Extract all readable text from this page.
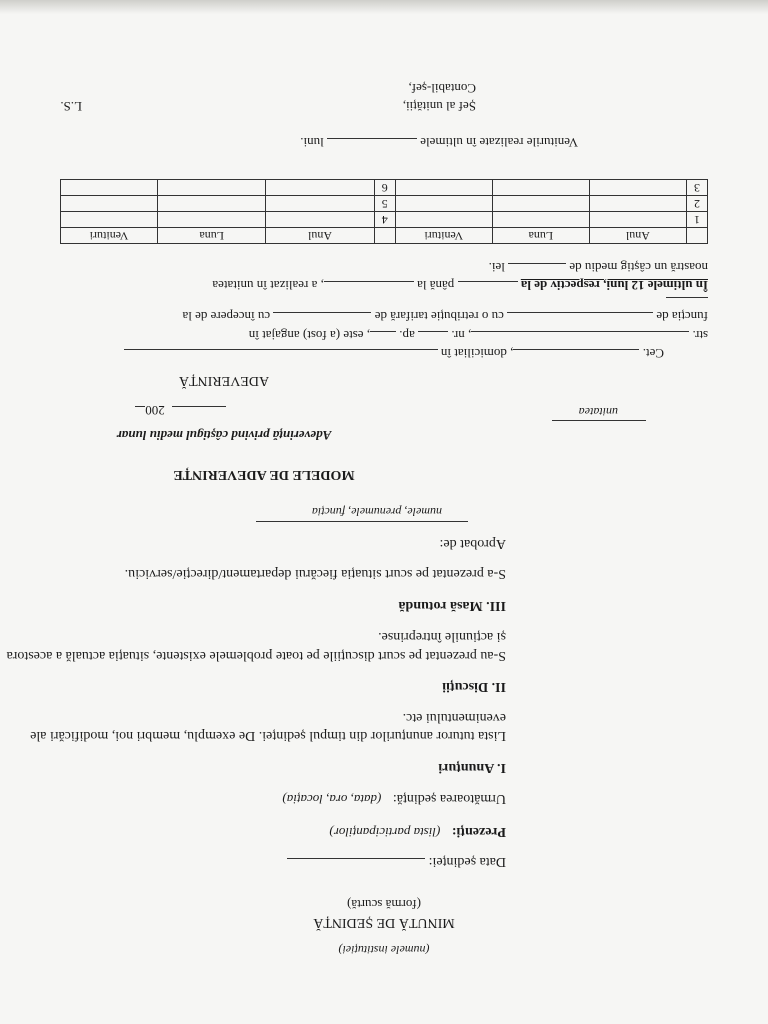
(numele instituției)
MINUTĂ DE ȘEDINȚĂ
(formă scurtă)
Data ședinței:
Prezenți: (lista participanților)
Următoarea ședință: (data, ora, locația)
I. Anunțuri
Lista tuturor anunțurilor din timpul ședinței. De exemplu, membri noi, modificări ale
evenimentului etc.
II. Discuții
S-au prezentat pe scurt discuțiile pe toate problemele existente, situația actuală a acestora
și acțiunile întreprinse.
III. Masă rotundă
S-a prezentat pe scurt situația fiecărui departament/direcție/serviciu.
Aprobat de:
numele, prenumele, funcția
MODELE DE ADEVERINȚE
Adeverință privind câștigul mediu lunar
unitatea
200
ADEVERINȚĂ
Cet. , domiciliat în
str. , nr.  ap. , este (a fost) angajat în
funcția de  cu o retribuție tarifară de  cu începere de la
În ultimele 12 luni, respectiv de la  până la , a realizat în unitatea
noastră un câștig mediu de  lei.
	Anul	Luna	Venituri		Anul	Luna	Venituri
1				4			
2				5			
3				6			
Veniturile realizate în ultimele  luni.
Șef al unității,
L.S.
Contabil-șef,
